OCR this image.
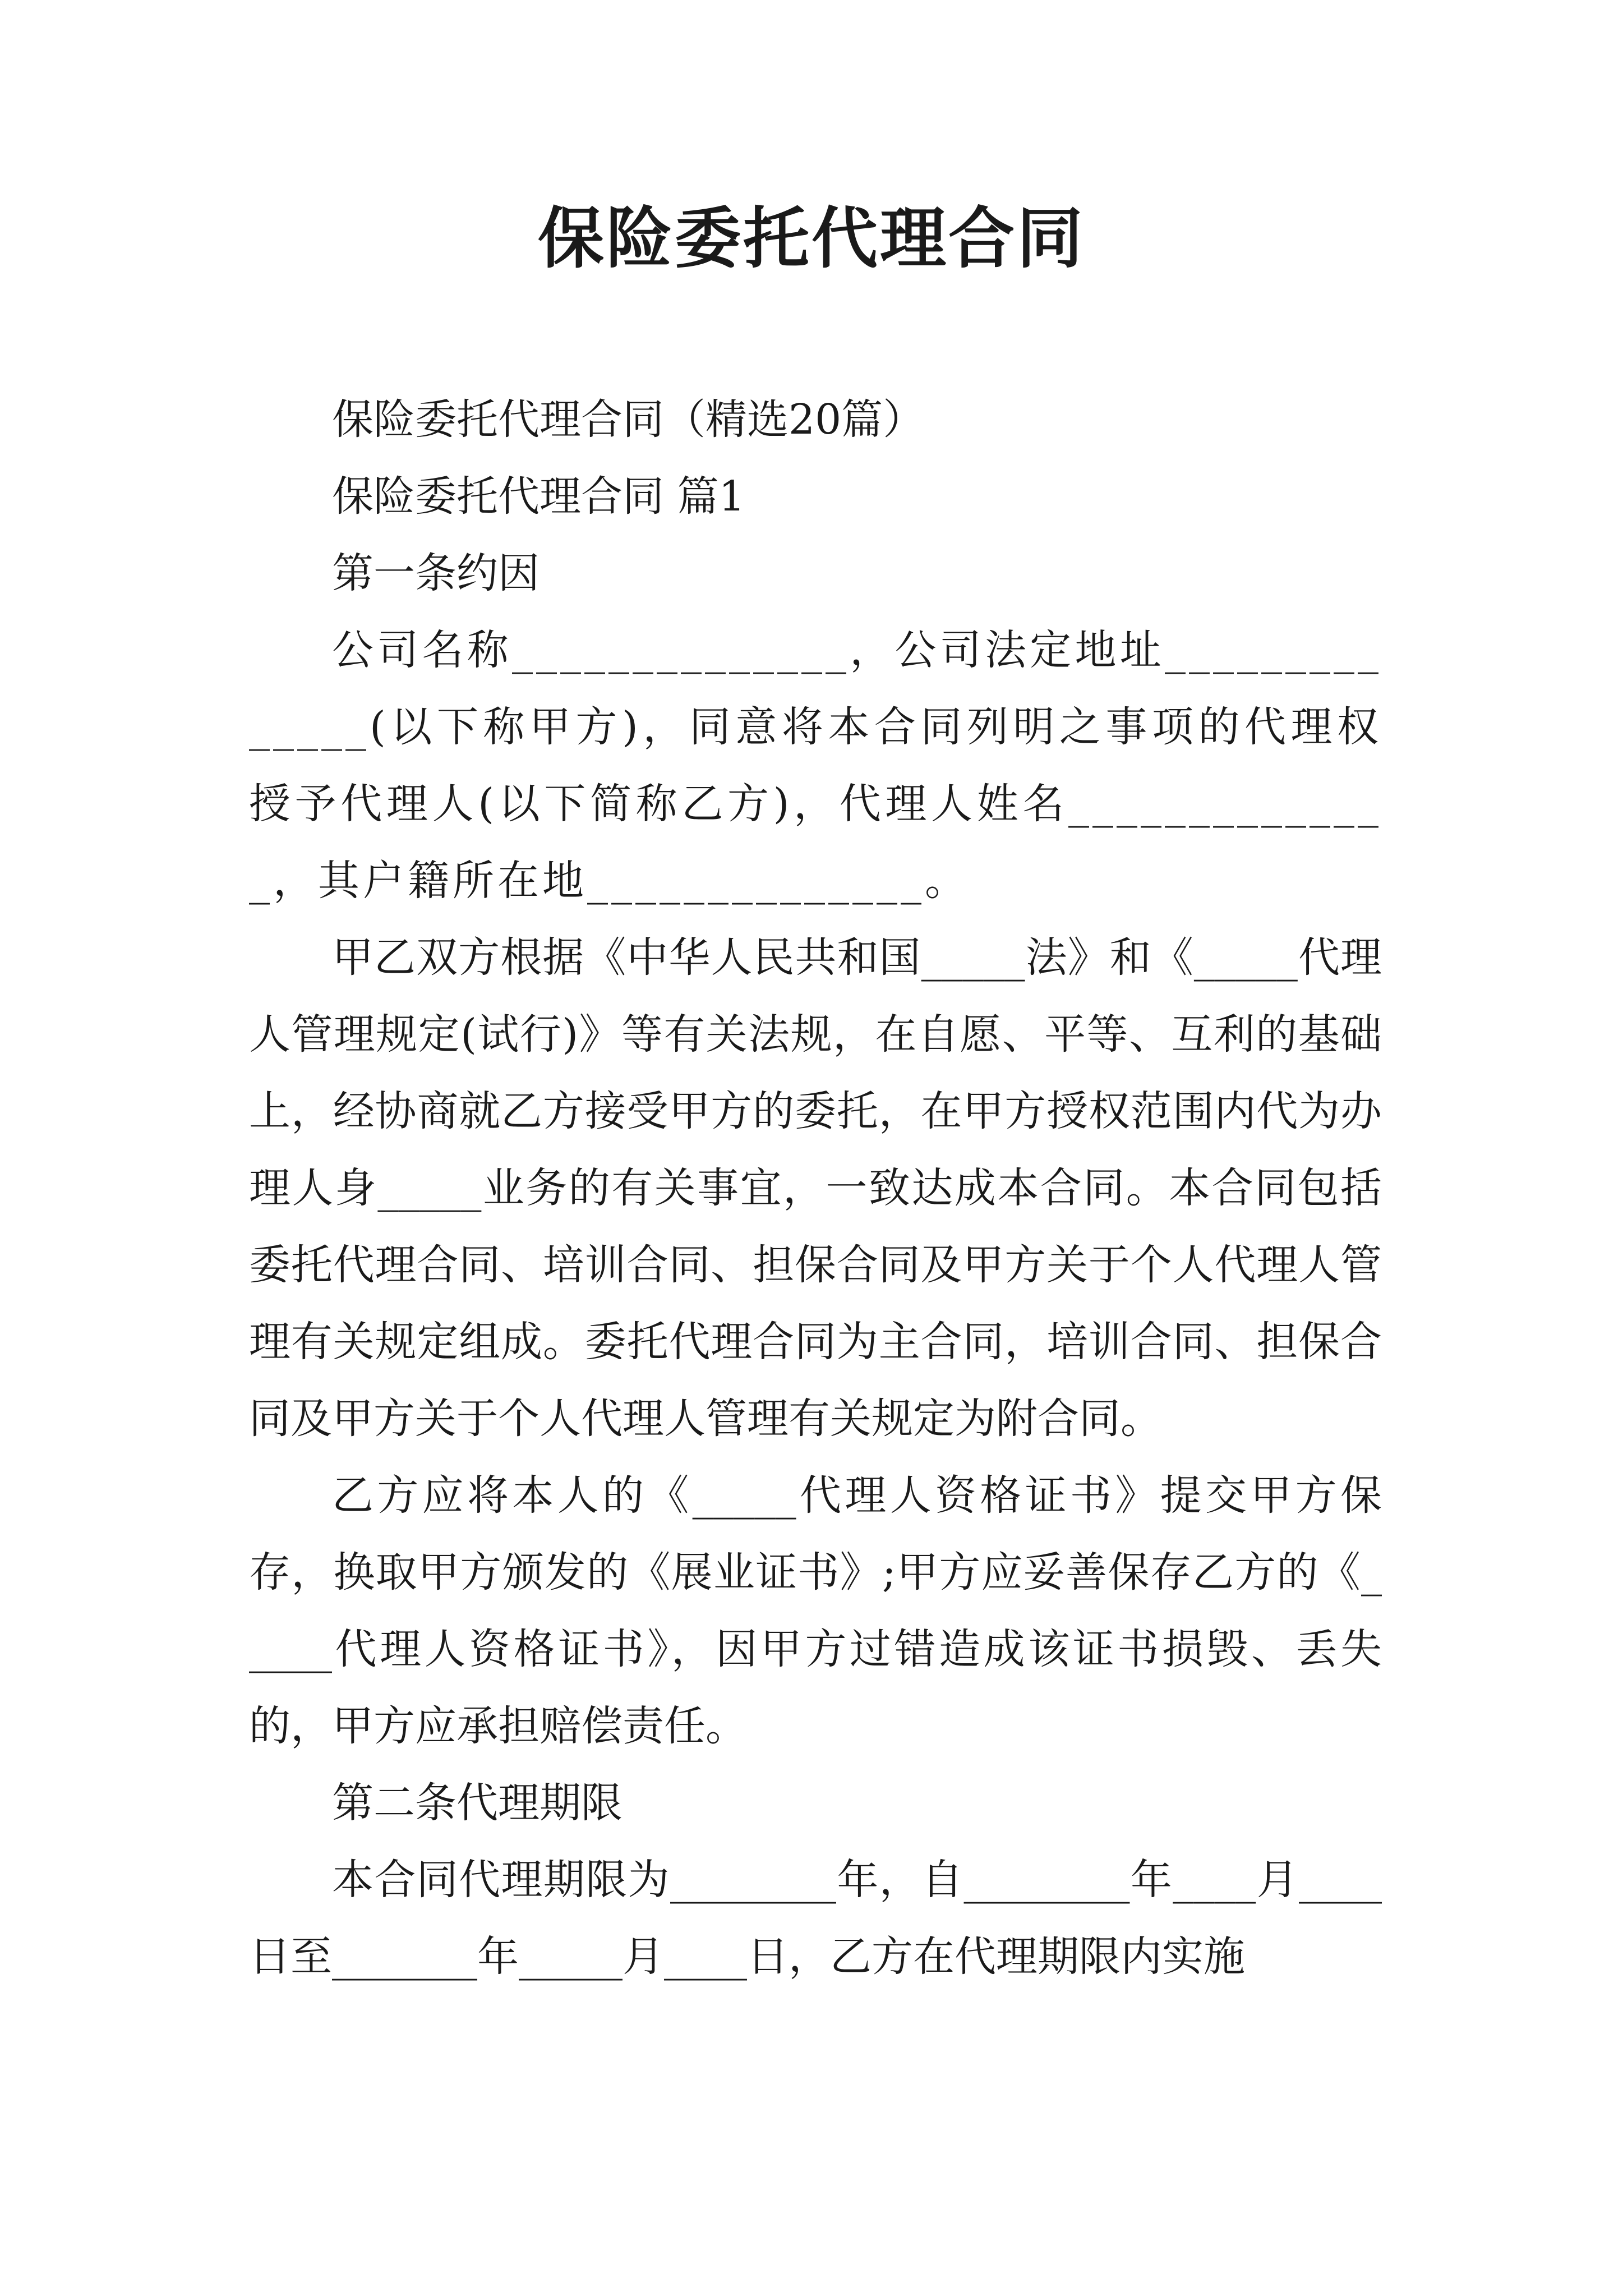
保险委托代理合同

保险委托代理合同（精选20篇）

保险委托代理合同 篇1

第一条约因

公司名称______________，公司法定地址______________(以下称甲方)，同意将本合同列明之事项的代理权授予代理人(以下简称乙方)，代理人姓名______________，其户籍所在地______________。

甲乙双方根据《中华人民共和国_____法》和《_____代理人管理规定(试行)》等有关法规，在自愿、平等、互利的基础上，经协商就乙方接受甲方的委托，在甲方授权范围内代为办理人身_____业务的有关事宜，一致达成本合同。本合同包括委托代理合同、培训合同、担保合同及甲方关于个人代理人管理有关规定组成。委托代理合同为主合同，培训合同、担保合同及甲方关于个人代理人管理有关规定为附合同。

乙方应将本人的《_____代理人资格证书》提交甲方保存，换取甲方颁发的《展业证书》;甲方应妥善保存乙方的《_____代理人资格证书》，因甲方过错造成该证书损毁、丢失的，甲方应承担赔偿责任。

第二条代理期限

本合同代理期限为________年，自________年____月____日至_______年_____月____日，乙方在代理期限内实施
